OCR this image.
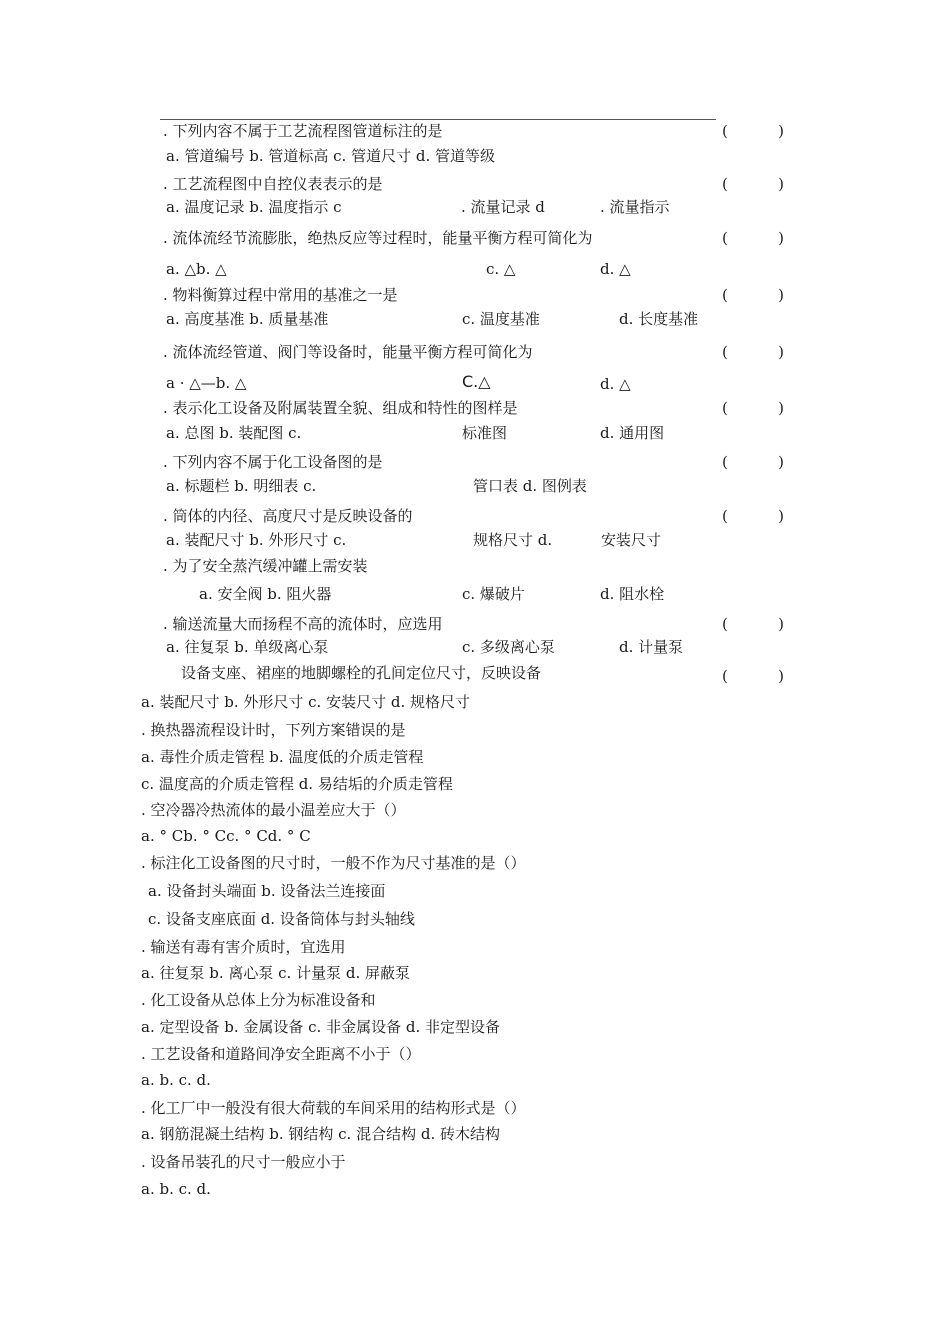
. 下列内容不属于工艺流程图管道标注的是	(	)
a. 管道编号 b. 管道标高 c. 管道尺寸 d. 管道等级
. 工艺流程图中自控仪表表示的是	(	)
a. 温度记录 b. 温度指示 c	. 流量记录 d	. 流量指示
. 流体流经节流膨胀，绝热反应等过程时，能量平衡方程可简化为	(	)
a. △b. △	c. △	d. △
. 物料衡算过程中常用的基准之一是	(	)
a. 高度基准 b. 质量基准	c. 温度基准	d. 长度基准
. 流体流经管道、阀门等设备时，能量平衡方程可简化为	(	)
a · △—b. △	C.△	d. △
. 表示化工设备及附属装置全貌、组成和特性的图样是	(	)
a. 总图 b. 装配图 c.	标准图	d. 通用图
. 下列内容不属于化工设备图的是	(	)
a. 标题栏 b. 明细表 c.	管口表 d. 图例表
. 筒体的内径、高度尺寸是反映设备的	(	)
a. 装配尺寸 b. 外形尺寸 c.	规格尺寸 d.	安装尺寸
. 为了安全蒸汽缓冲罐上需安装
a. 安全阀 b. 阻火器	c. 爆破片	d. 阻水栓
. 输送流量大而扬程不高的流体时，应选用	(	)
a. 往复泵 b. 单级离心泵	c. 多级离心泵	d. 计量泵
设备支座、裙座的地脚螺栓的孔间定位尺寸，反映设备	(	)
a. 装配尺寸 b. 外形尺寸 c. 安装尺寸 d. 规格尺寸
. 换热器流程设计时，下列方案错误的是
a. 毒性介质走管程 b. 温度低的介质走管程
c. 温度高的介质走管程 d. 易结垢的介质走管程
. 空冷器冷热流体的最小温差应大于（）
a. ° Cb. ° Cc. ° Cd. ° C
. 标注化工设备图的尺寸时，一般不作为尺寸基准的是（）
a. 设备封头端面 b. 设备法兰连接面
c. 设备支座底面 d. 设备筒体与封头轴线
. 输送有毒有害介质时，宜选用
a. 往复泵 b. 离心泵 c. 计量泵 d. 屏蔽泵
. 化工设备从总体上分为标准设备和
a. 定型设备 b. 金属设备 c. 非金属设备 d. 非定型设备
. 工艺设备和道路间净安全距离不小于（）
a. b. c. d.
. 化工厂中一般没有很大荷载的车间采用的结构形式是（）
a. 钢筋混凝土结构 b. 钢结构 c. 混合结构 d. 砖木结构
. 设备吊装孔的尺寸一般应小于
a. b. c. d.
